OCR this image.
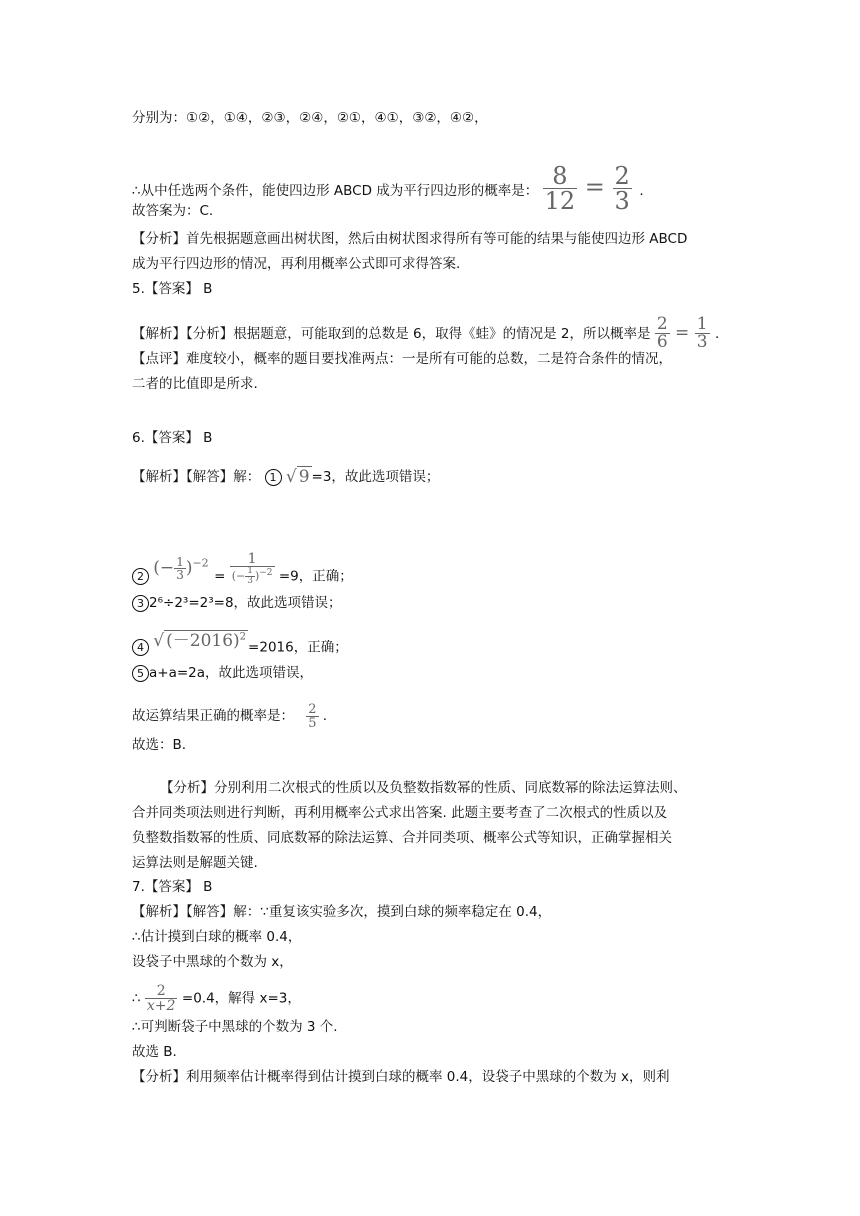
分别为：①②，①④，②③，②④，②①，④①，③②，④②，
∴从中任选两个条件，能使四边形 ABCD 成为平行四边形的概率是： $\frac{8}{12} = \frac{2}{3}$ .
故答案为：C.
【分析】首先根据题意画出树状图，然后由树状图求得所有等可能的结果与能使四边形 ABCD
成为平行四边形的情况，再利用概率公式即可求得答案.
5.【答案】 B
【解析】【分析】根据题意，可能取到的总数是 6，取得《蛙》的情况是 2，所以概率是 $\frac{2}{6} = \frac{1}{3}$ .
【点评】难度较小，概率的题目要找准两点：一是所有可能的总数，二是符合条件的情况，
二者的比值即是所求.
6.【答案】 B
【解析】【解答】解： 1 √ 9 =3，故此选项错误；
2 (− $\frac{1}{3} )^{-2} = \frac{1}{(- \frac{1}{3} )^{-2}} =9$，正确；
3 2⁶÷2³=2³=8，故此选项错误；
4 √ $(-2016)^2=2016$，正确；
5 a+a=2a，故此选项错误，
故运算结果正确的概率是： $\frac{2}{5}$ .
故选：B.
【分析】分别利用二次根式的性质以及负整数指数幂的性质、同底数幂的除法运算法则、
合并同类项法则进行判断，再利用概率公式求出答案. 此题主要考查了二次根式的性质以及
负整数指数幂的性质、同底数幂的除法运算、合并同类项、概率公式等知识，正确掌握相关
运算法则是解题关键.
7.【答案】 B
【解析】【解答】解：∵重复该实验多次，摸到白球的频率稳定在 0.4，
∴估计摸到白球的概率 0.4，
设袋子中黑球的个数为 x，
∴ $\frac{2}{x+2} =0.4$，解得 x=3，
∴可判断袋子中黑球的个数为 3 个.
故选 B.
【分析】利用频率估计概率得到估计摸到白球的概率 0.4，设袋子中黑球的个数为 x，则利
